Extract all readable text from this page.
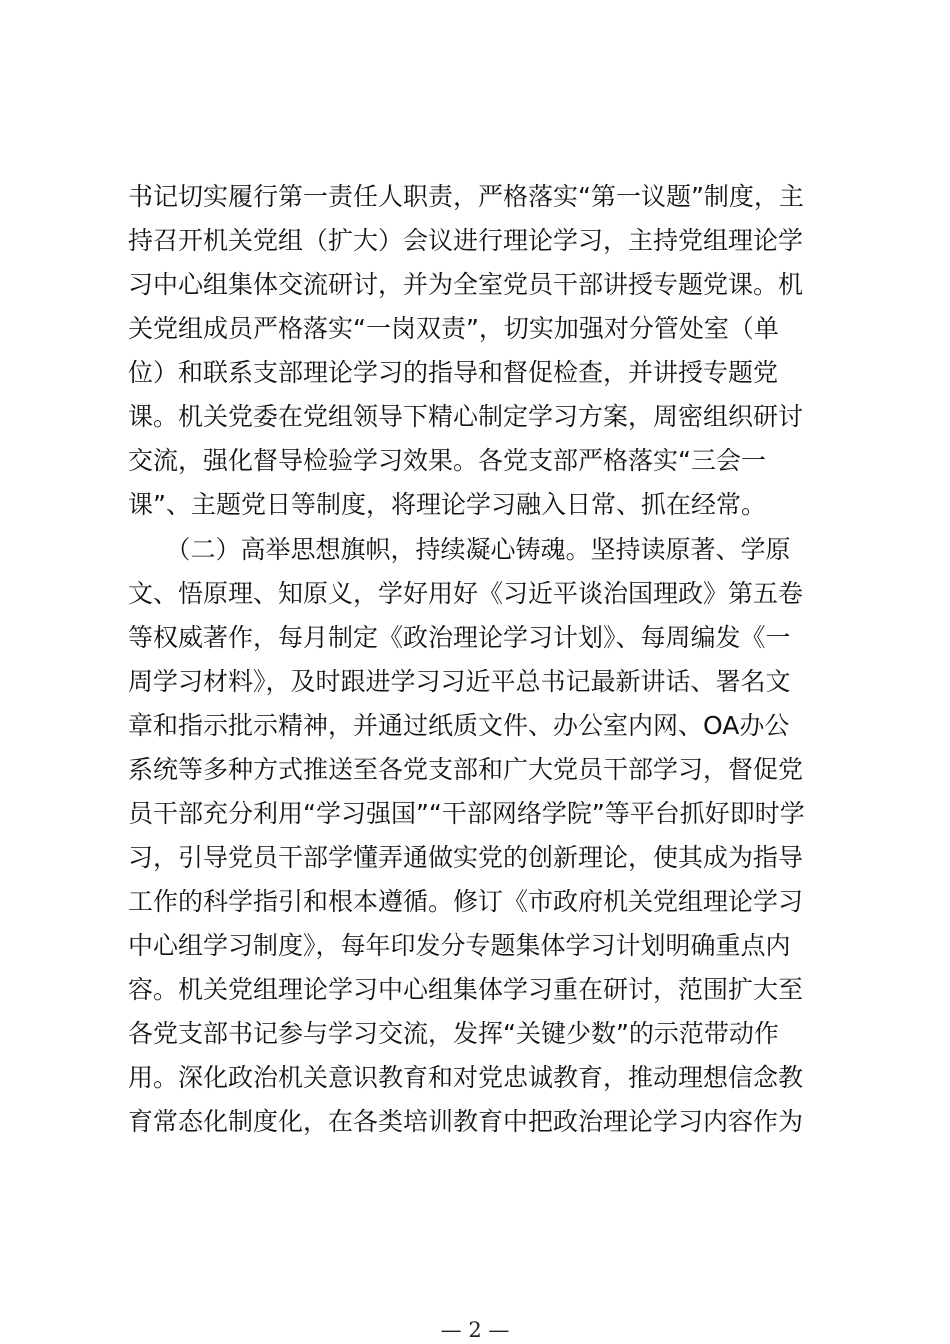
书记切实履行第一责任人职责，严格落实“第一议题”制度，主

持召开机关党组（扩大）会议进行理论学习，主持党组理论学

习中心组集体交流研讨，并为全室党员干部讲授专题党课。机

关党组成员严格落实“一岗双责”，切实加强对分管处室（单

位）和联系支部理论学习的指导和督促检查，并讲授专题党

课。机关党委在党组领导下精心制定学习方案，周密组织研讨

交流，强化督导检验学习效果。各党支部严格落实“三会一

课”、主题党日等制度，将理论学习融入日常、抓在经常。

　　（二）高举思想旗帜，持续凝心铸魂。坚持读原著、学原

文、悟原理、知原义，学好用好《习近平谈治国理政》第五卷

等权威著作，每月制定《政治理论学习计划》、每周编发《一

周学习材料》，及时跟进学习习近平总书记最新讲话、署名文

章和指示批示精神，并通过纸质文件、办公室内网、OA办公

系统等多种方式推送至各党支部和广大党员干部学习，督促党

员干部充分利用“学习强国”“干部网络学院”等平台抓好即时学

习，引导党员干部学懂弄通做实党的创新理论，使其成为指导

工作的科学指引和根本遵循。修订《市政府机关党组理论学习

中心组学习制度》，每年印发分专题集体学习计划明确重点内

容。机关党组理论学习中心组集体学习重在研讨，范围扩大至

各党支部书记参与学习交流，发挥“关键少数”的示范带动作

用。深化政治机关意识教育和对党忠诚教育，推动理想信念教

育常态化制度化，在各类培训教育中把政治理论学习内容作为

— 2 —
